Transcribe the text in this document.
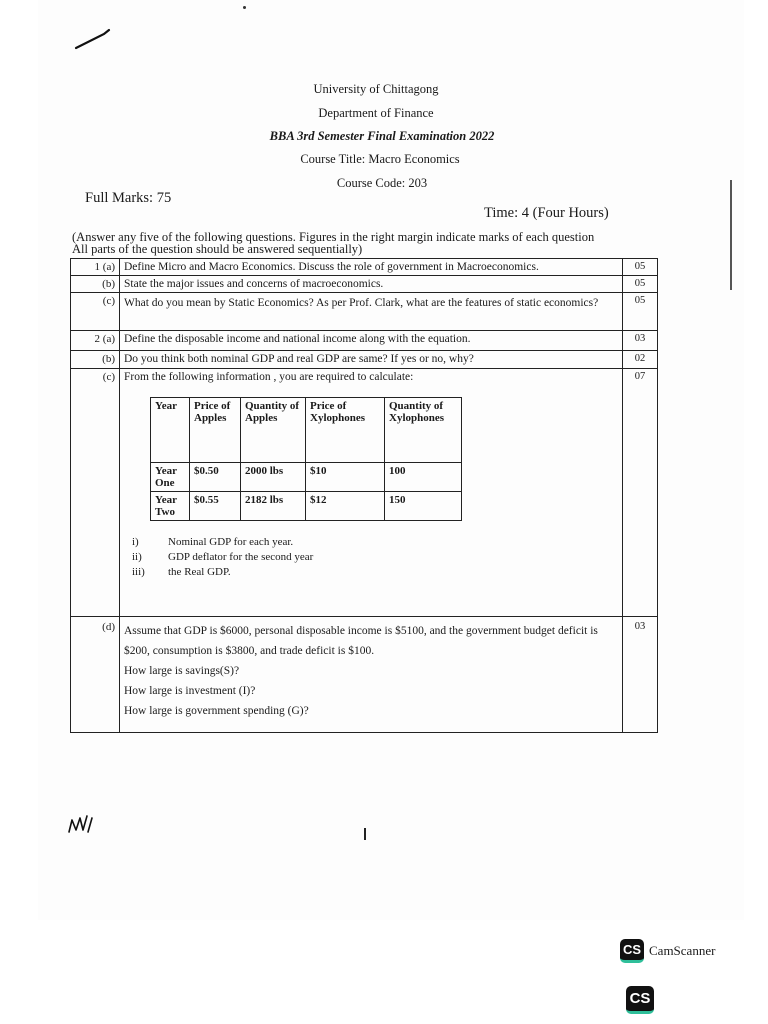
University of Chittagong
Department of Finance
BBA 3rd Semester Final Examination 2022
Course Title: Macro Economics
Course Code: 203
Full Marks: 75
Time: 4 (Four Hours)
(Answer any five of the following questions. Figures in the right margin indicate marks of each question
All parts of the question should be answered sequentially)
1 (a)	Define Micro and Macro Economics. Discuss the role of government in Macroeconomics.	05
(b)	State the major issues and concerns of macroeconomics.	05
(c)	What do you mean by Static Economics? As per Prof. Clark, what are the features of static economics?	05
2 (a)	Define the disposable income and national income along with the equation.	03
(b)	Do you think both nominal GDP and real GDP are same? If yes or no, why?	02
(c)	From the following information , you are required to calculate:
Year	Price of Apples	Quantity of Apples	Price of Xylophones	Quantity of Xylophones
Year One	$0.50	2000 lbs	$10	100
Year Two	$0.55	2182 lbs	$12	150
i)	Nominal GDP for each year.
ii) GDP deflator for the second year
iii) the Real GDP.
	07
(d)	Assume that GDP is $6000, personal disposable income is $5100, and the government budget deficit is $200, consumption is $3800, and trade deficit is $100.
How large is savings(S)?
How large is investment (I)?
How large is government spending (G)?
	03
CS CamScanner
CS
